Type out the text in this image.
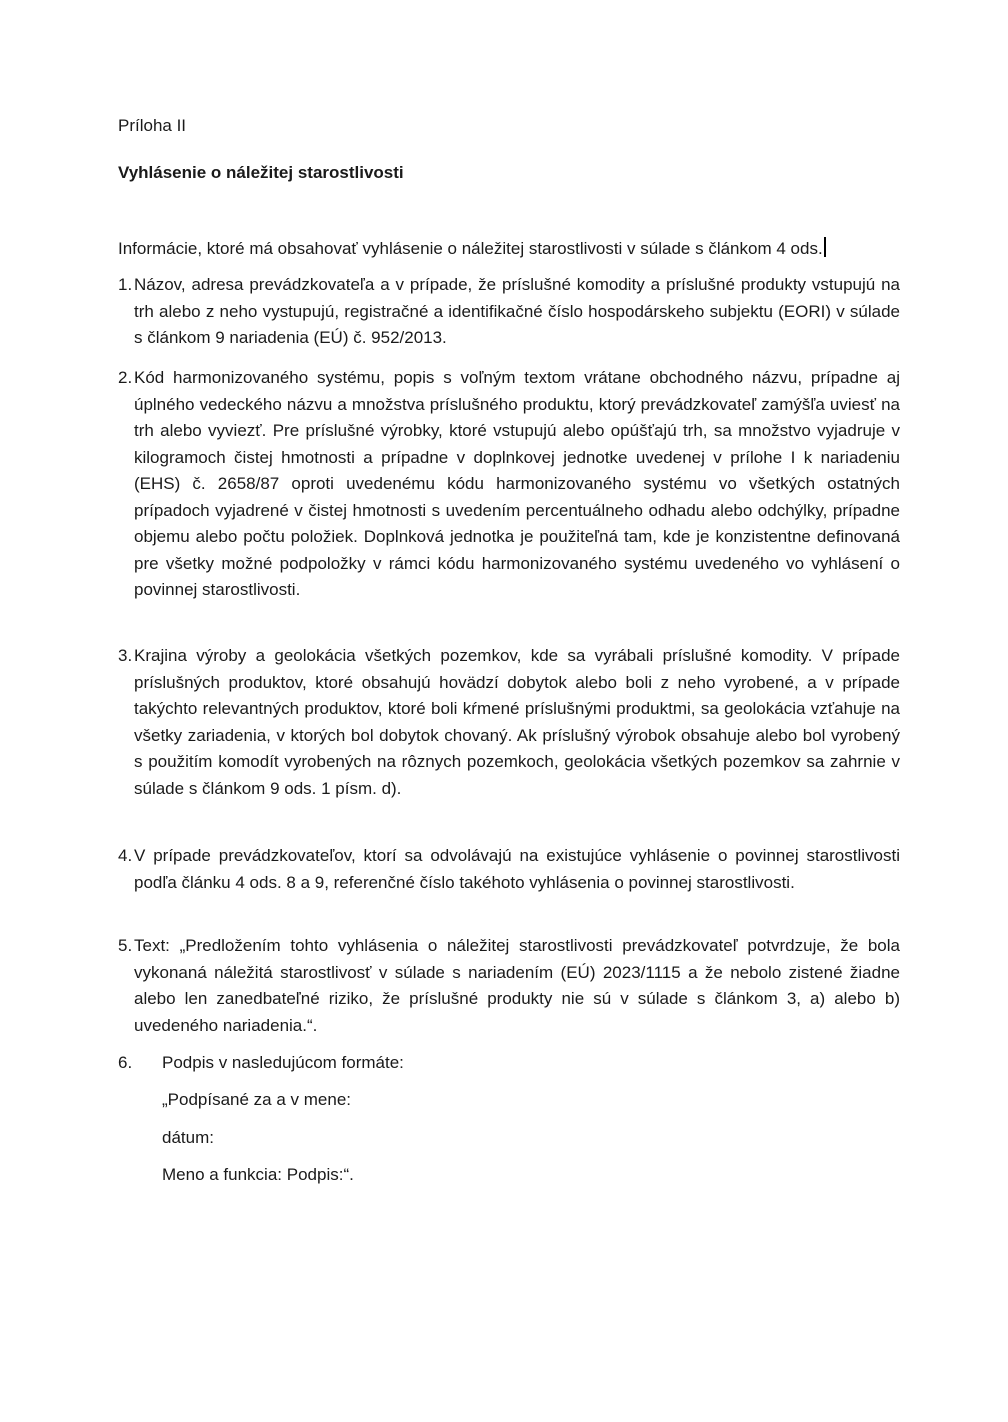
Príloha II

Vyhlásenie o náležitej starostlivosti

Informácie, ktoré má obsahovať vyhlásenie o náležitej starostlivosti v súlade s článkom 4 ods.

1. Názov, adresa prevádzkovateľa a v prípade, že príslušné komodity a príslušné produkty vstupujú na trh alebo z neho vystupujú, registračné a identifikačné číslo hospodárskeho subjektu (EORI) v súlade s článkom 9 nariadenia (EÚ) č. 952/2013.
2. Kód harmonizovaného systému, popis s voľným textom vrátane obchodného názvu, prípadne aj úplného vedeckého názvu a množstva príslušného produktu, ktorý prevádzkovateľ zamýšľa uviesť na trh alebo vyviezť. Pre príslušné výrobky, ktoré vstupujú alebo opúšťajú trh, sa množstvo vyjadruje v kilogramoch čistej hmotnosti a prípadne v doplnkovej jednotke uvedenej v prílohe I k nariadeniu (EHS) č. 2658/87 oproti uvedenému kódu harmonizovaného systému vo všetkých ostatných prípadoch vyjadrené v čistej hmotnosti s uvedením percentuálneho odhadu alebo odchýlky, prípadne objemu alebo počtu položiek. Doplnková jednotka je použiteľná tam, kde je konzistentne definovaná pre všetky možné podpoložky v rámci kódu harmonizovaného systému uvedeného vo vyhlásení o povinnej starostlivosti.
3. Krajina výroby a geolokácia všetkých pozemkov, kde sa vyrábali príslušné komodity. V prípade príslušných produktov, ktoré obsahujú hovädzí dobytok alebo boli z neho vyrobené, a v prípade takýchto relevantných produktov, ktoré boli kŕmené príslušnými produktmi, sa geolokácia vzťahuje na všetky zariadenia, v ktorých bol dobytok chovaný. Ak príslušný výrobok obsahuje alebo bol vyrobený s použitím komodít vyrobených na rôznych pozemkoch, geolokácia všetkých pozemkov sa zahrnie v súlade s článkom 9 ods. 1 písm. d).
4. V prípade prevádzkovateľov, ktorí sa odvolávajú na existujúce vyhlásenie o povinnej starostlivosti podľa článku 4 ods. 8 a 9, referenčné číslo takéhoto vyhlásenia o povinnej starostlivosti.
5. Text: „Predložením tohto vyhlásenia o náležitej starostlivosti prevádzkovateľ potvrdzuje, že bola vykonaná náležitá starostlivosť v súlade s nariadením (EÚ) 2023/1115 a že nebolo zistené žiadne alebo len zanedbateľné riziko, že príslušné produkty nie sú v súlade s článkom 3, a) alebo b) uvedeného nariadenia.“.
6. Podpis v nasledujúcom formáte:
„Podpísané za a v mene:
dátum:
Meno a funkcia: Podpis:“.
